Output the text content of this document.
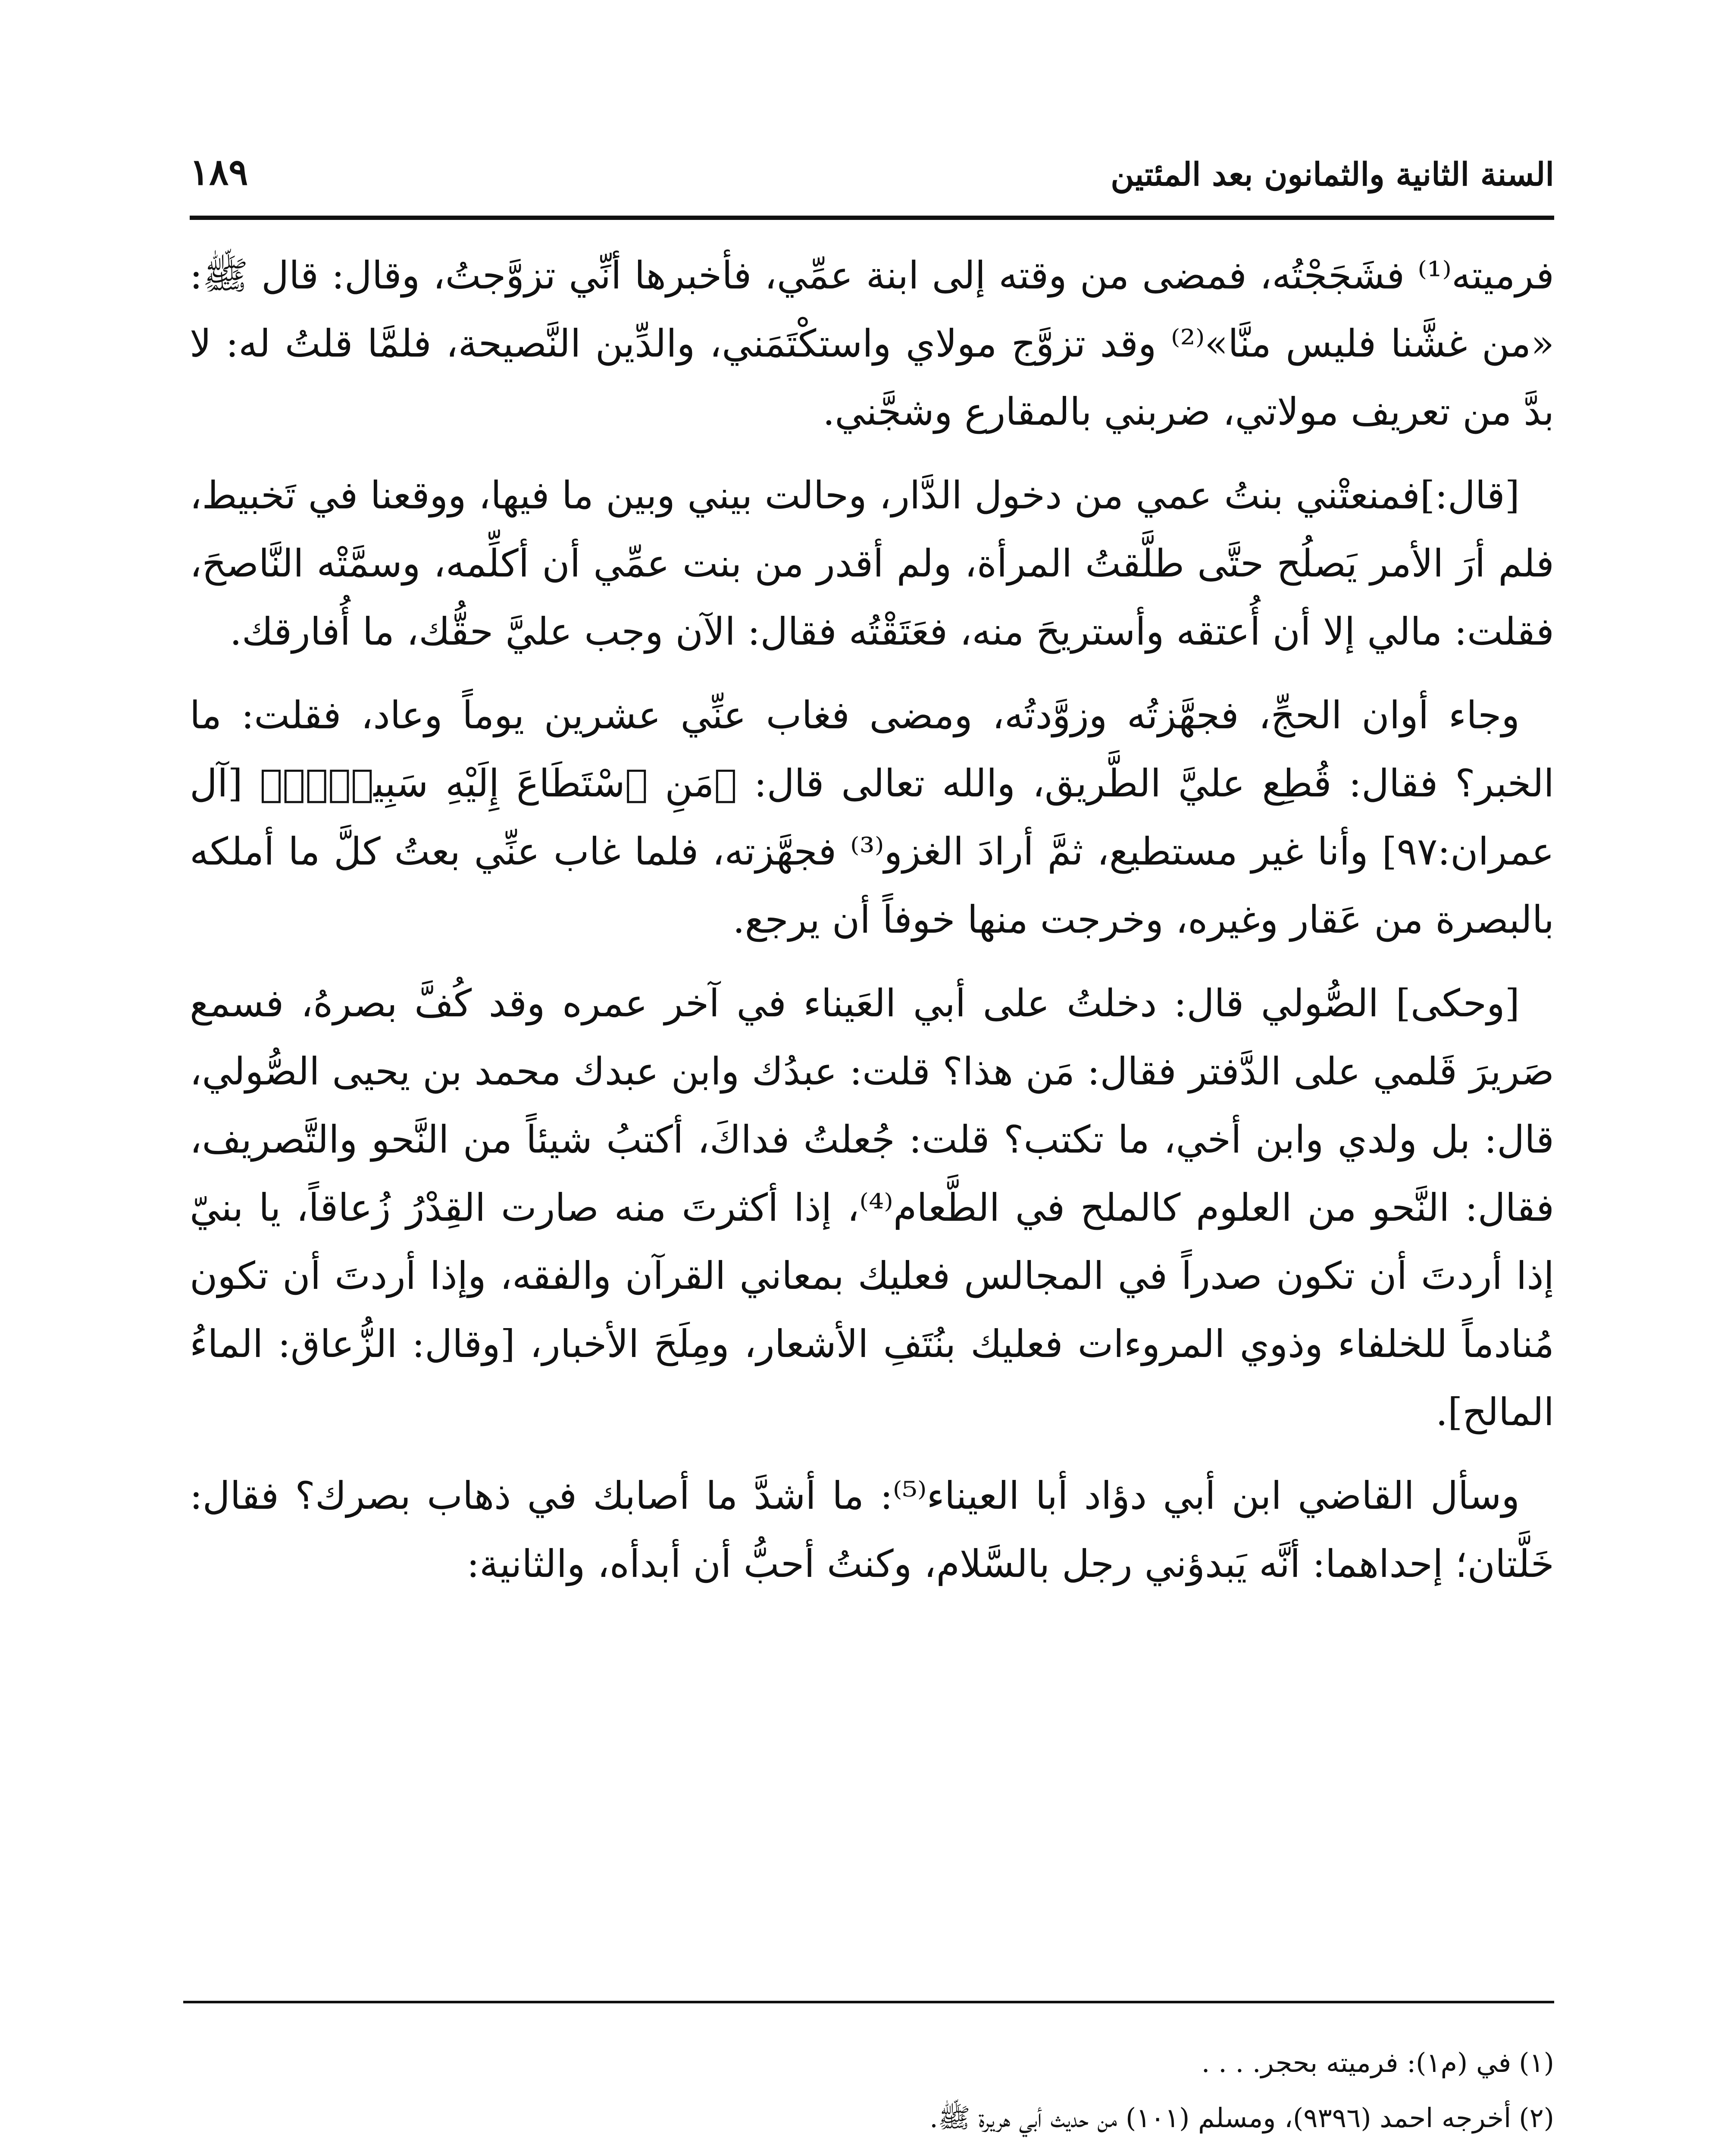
السنة الثانية والثمانون بعد المئتين
١٨٩

فرميته⁽¹⁾ فشَجَجْتُه، فمضى من وقته إلى ابنة عمِّي، فأخبرها أنِّي تزوَّجتُ، وقال: قال ﷺ: «من غشَّنا فليس منَّا»⁽²⁾ وقد تزوَّج مولاي واستكْتَمَني، والدِّين النَّصيحة، فلمَّا قلتُ له: لا بدَّ من تعريف مولاتي، ضربني بالمقارع وشجَّني.

[قال:]فمنعتْني بنتُ عمي من دخول الدَّار، وحالت بيني وبين ما فيها، ووقعنا في تَخبيط، فلم أرَ الأمر يَصلُح حتَّى طلَّقتُ المرأة، ولم أقدر من بنت عمِّي أن أكلِّمه، وسمَّتْه النَّاصحَ، فقلت: مالي إلا أن أُعتقه وأستريحَ منه، فعَتَقْتُه فقال: الآن وجب عليَّ حقُّك، ما أُفارقك.

وجاء أوان الحجِّ، فجهَّزتُه وزوَّدتُه، ومضى فغاب عنِّي عشرين يوماً وعاد، فقلت: ما الخبر؟ فقال: قُطِع عليَّ الطَّريق، والله تعالى قال: ﴿مَنِ ٱسْتَطَاعَ إِلَيْهِ سَبِيلًاۚ﴾ [آل عمران:٩٧] وأنا غير مستطيع، ثمَّ أرادَ الغزو⁽³⁾ فجهَّزته، فلما غاب عنِّي بعتُ كلَّ ما أملكه بالبصرة من عَقار وغيره، وخرجت منها خوفاً أن يرجع.

[وحكى] الصُّولي قال: دخلتُ على أبي العَيناء في آخر عمره وقد كُفَّ بصرهُ، فسمع صَريرَ قَلمي على الدَّفتر فقال: مَن هذا؟ قلت: عبدُك وابن عبدك محمد بن يحيى الصُّولي، قال: بل ولدي وابن أخي، ما تكتب؟ قلت: جُعلتُ فداكَ، أكتبُ شيئاً من النَّحو والتَّصريف، فقال: النَّحو من العلوم كالملح في الطَّعام⁽⁴⁾، إذا أكثرتَ منه صارت القِدْرُ زُعاقاً، يا بنيّ إذا أردتَ أن تكون صدراً في المجالس فعليك بمعاني القرآن والفقه، وإذا أردتَ أن تكون مُنادماً للخلفاء وذوي المروءات فعليك بنُتَفِ الأشعار، ومِلَحَ الأخبار، [وقال: الزُّعاق: الماءُ المالح].

وسأل القاضي ابن أبي دؤاد أبا العيناء⁽⁵⁾: ما أشدَّ ما أصابك في ذهاب بصرك؟ فقال: خَلَّتان؛ إحداهما: أنَّه يَبدؤني رجل بالسَّلام، وكنتُ أحبُّ أن أبدأه، والثانية:

(١)في (م١): فرميته بحجر. . . .

(٢)أخرجه احمد (٩٣٩٦)، ومسلم (١٠١) من حديث أبي هريرة ﷺ.
